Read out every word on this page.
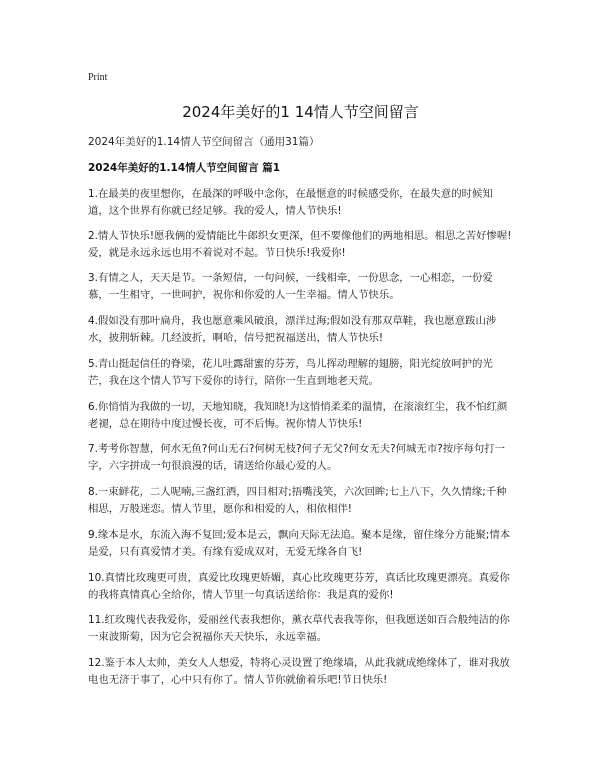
Print
2024年美好的1 14情人节空间留言
2024年美好的1.14情人节空间留言（通用31篇）
2024年美好的1.14情人节空间留言 篇1

1.在最美的夜里想你，在最深的呼吸中念你，在最惬意的时候感受你，在最失意的时候知道，这个世界有你就已经足够。我的爱人，情人节快乐!

2.情人节快乐!愿我俩的爱情能比牛郎织女更深，但不要像他们的两地相思。相思之苦好惨喔!爱，就是永远永远也用不着说对不起。节日快乐!我爱你!

3.有情之人，天天是节。一条短信，一句问候，一线相牵，一份思念，一心相恋，一份爱慕，一生相守，一世呵护，祝你和你爱的人一生幸福。情人节快乐。

4.假如没有那叶扁舟，我也愿意乘风破浪，漂洋过海;假如没有那双草鞋，我也愿意跋山涉水，披荆斩棘。几经波折，啊哈，信号把祝福送出，情人节快乐!

5.青山挺起信任的脊梁，花儿吐露甜蜜的芬芳，鸟儿挥动理解的翅膀，阳光绽放呵护的光芒，我在这个情人节写下爱你的诗行，陪你一生直到地老天荒。

6.你悄悄为我做的一切，天地知晓，我知晓!为这悄悄柔柔的温情，在滚滚红尘，我不怕红颜老褪，总在期待中度过慢长夜，可不后悔。祝你情人节快乐!

7.考考你智慧，何水无鱼?何山无石?何树无枝?何子无父?何女无夫?何城无市?按序每句打一字，六字拼成一句很浪漫的话，请送给你最心爱的人。

8.一束鲜花，二人呢喃,三盏红酒，四目相对;捂嘴浅笑，六次回眸;七上八下，久久情缘;千种相思，万般迷恋。情人节里，愿你和相爱的人，相依相伴!

9.缘本是水，东流入海不复回;爱本是云，飘向天际无法追。聚本是缘，留住缘分方能聚;情本是爱，只有真爱情才美。有缘有爱成双对，无爱无缘各自飞!

10.真情比玫瑰更可贵，真爱比玫瑰更娇媚，真心比玫瑰更芬芳，真话比玫瑰更漂亮。真爱你的我将真情真心全给你，情人节里一句真话送给你：我是真的爱你!

11.红玫瑰代表我爱你，爱丽丝代表我想你，薰衣草代表我等你，但我愿送如百合般纯洁的你一束波斯菊，因为它会祝福你天天快乐，永远幸福。

12.鉴于本人太帅，美女人人想爱，特将心灵设置了绝缘墙，从此我就成绝缘体了，谁对我放电也无济于事了，心中只有你了。情人节你就偷着乐吧!节日快乐!
